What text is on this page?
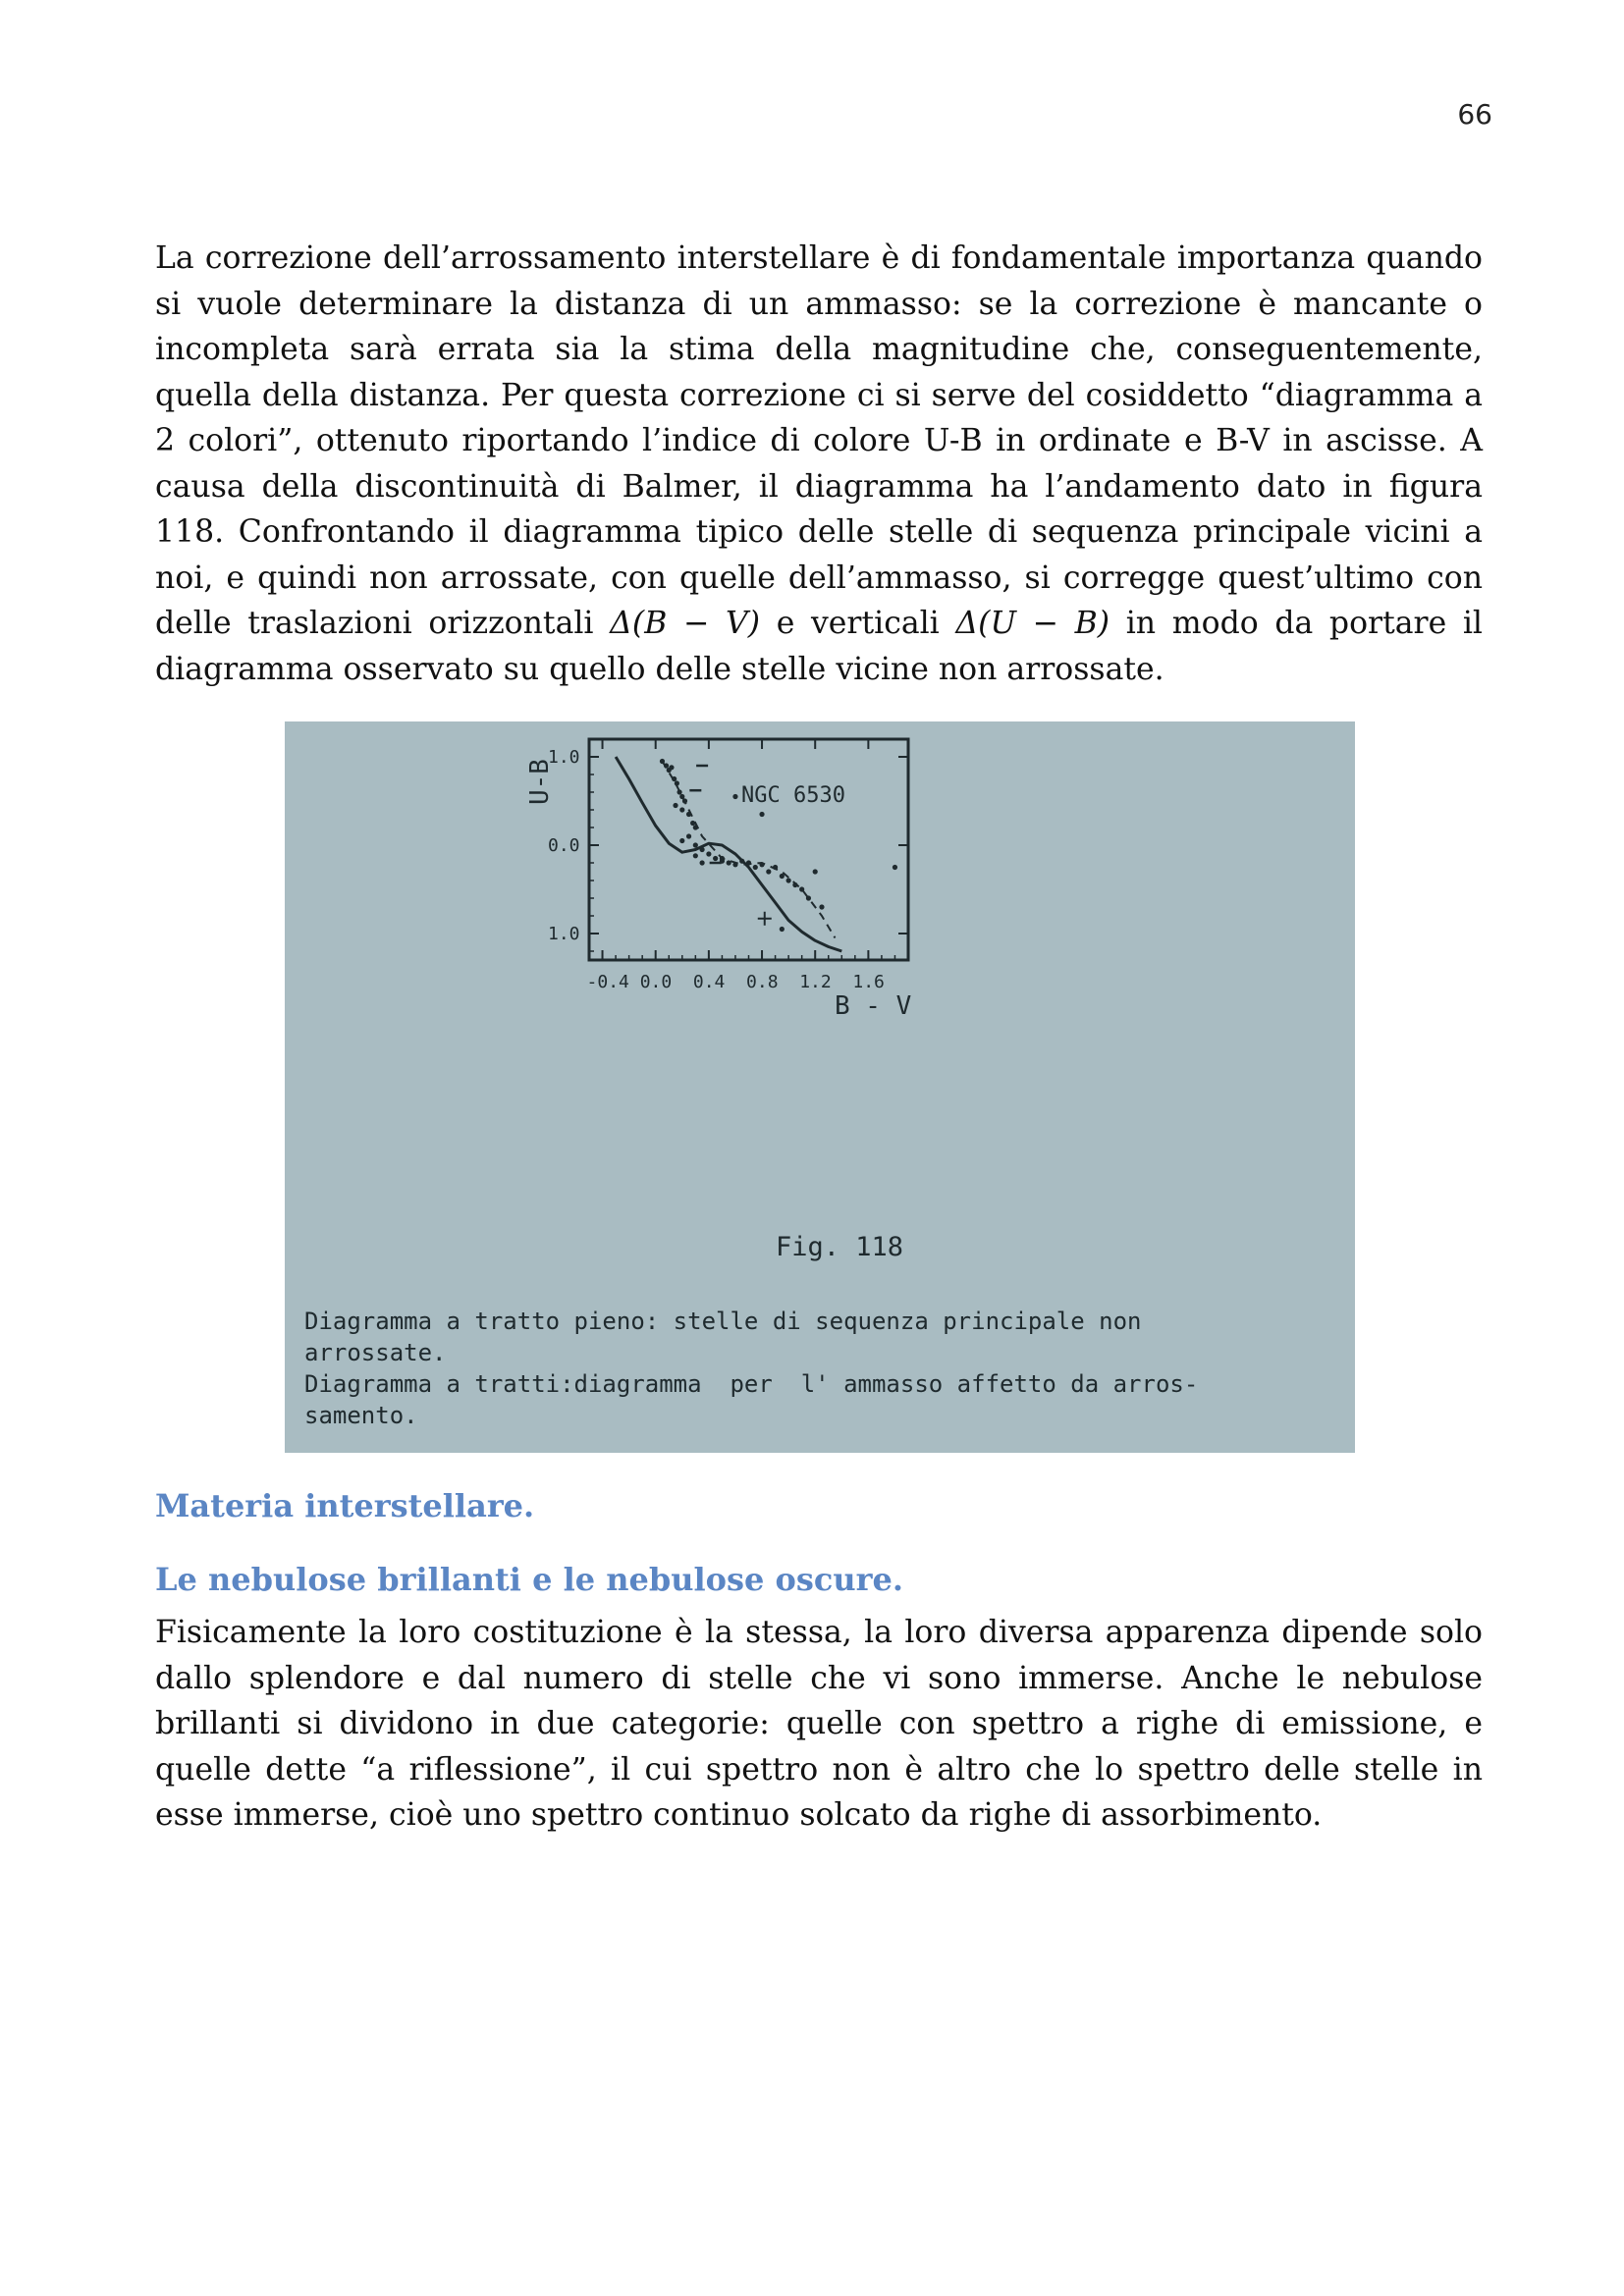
66

La correzione dell’arrossamento interstellare è di fondamentale importanza quando si vuole determinare la distanza di un ammasso: se la correzione è mancante o incompleta sarà errata sia la stima della magnitudine che, conseguentemente, quella della distanza. Per questa correzione ci si serve del cosiddetto “diagramma a 2 colori”, ottenuto riportando l’indice di colore U-B in ordinate e B-V in ascisse. A causa della discontinuità di Balmer, il diagramma ha l’andamento dato in figura 118. Confrontando il diagramma tipico delle stelle di sequenza principale vicini a noi, e quindi non arrossate, con quelle dell’ammasso, si corregge quest’ultimo con delle traslazioni orizzontali Δ(B − V) e verticali Δ(U − B) in modo da portare il diagramma osservato su quello delle stelle vicine non arrossate.

-0.4 0.0 0.4 0.8 1.2 1.6
1.0
0.0
1.0
NGC 6530
U-B
B - V
Fig. 118

Diagramma a tratto pieno: stelle di sequenza principale non
arrossate.
Diagramma a tratti:diagramma  per  l' ammasso affetto da arros-
samento.

Materia interstellare.
Le nebulose brillanti e le nebulose oscure.

Fisicamente la loro costituzione è la stessa, la loro diversa apparenza dipende solo dallo splendore e dal numero di stelle che vi sono immerse. Anche le nebulose brillanti si dividono in due categorie: quelle con spettro a righe di emissione, e quelle dette “a riflessione”, il cui spettro non è altro che lo spettro delle stelle in esse immerse, cioè uno spettro continuo solcato da righe di assorbimento.
